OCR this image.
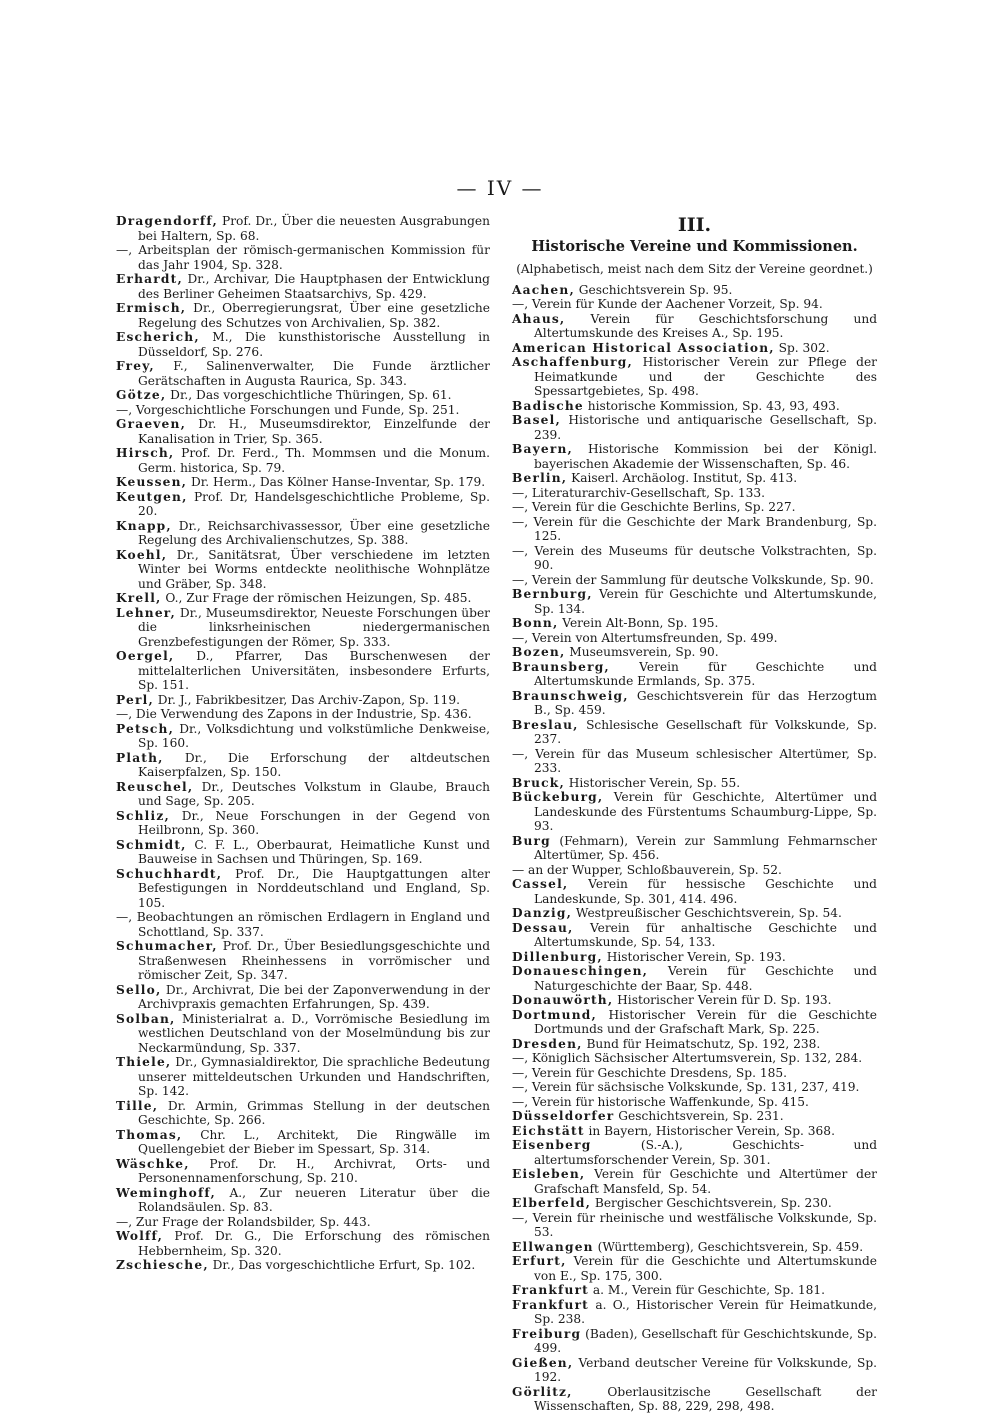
— IV —

Dragendorff, Prof. Dr., Über die neuesten Ausgrabungen bei Haltern, Sp. 68.

—, Arbeitsplan der römisch-germanischen Kommission für das Jahr 1904, Sp. 328.

Erhardt, Dr., Archivar, Die Hauptphasen der Entwicklung des Berliner Geheimen Staatsarchivs, Sp. 429.

Ermisch, Dr., Oberregierungsrat, Über eine gesetzliche Regelung des Schutzes von Archivalien, Sp. 382.

Escherich, M., Die kunsthistorische Ausstellung in Düsseldorf, Sp. 276.

Frey, F., Salinenverwalter, Die Funde ärztlicher Gerätschaften in Augusta Raurica, Sp. 343.

Götze, Dr., Das vorgeschichtliche Thüringen, Sp. 61.

—, Vorgeschichtliche Forschungen und Funde, Sp. 251.

Graeven, Dr. H., Museumsdirektor, Einzelfunde der Kanalisation in Trier, Sp. 365.

Hirsch, Prof. Dr. Ferd., Th. Mommsen und die Monum. Germ. historica, Sp. 79.

Keussen, Dr. Herm., Das Kölner Hanse-Inventar, Sp. 179.

Keutgen, Prof. Dr, Handelsgeschichtliche Probleme, Sp. 20.

Knapp, Dr., Reichsarchivassessor, Über eine gesetzliche Regelung des Archivalienschutzes, Sp. 388.

Koehl, Dr., Sanitätsrat, Über verschiedene im letzten Winter bei Worms entdeckte neolithische Wohnplätze und Gräber, Sp. 348.

Krell, O., Zur Frage der römischen Heizungen, Sp. 485.

Lehner, Dr., Museumsdirektor, Neueste Forschungen über die linksrheinischen niedergermanischen Grenzbefestigungen der Römer, Sp. 333.

Oergel, D., Pfarrer, Das Burschenwesen der mittelalterlichen Universitäten, insbesondere Erfurts, Sp. 151.

Perl, Dr. J., Fabrikbesitzer, Das Archiv-Zapon, Sp. 119.

—, Die Verwendung des Zapons in der Industrie, Sp. 436.

Petsch, Dr., Volksdichtung und volkstümliche Denkweise, Sp. 160.

Plath, Dr., Die Erforschung der altdeutschen Kaiserpfalzen, Sp. 150.

Reuschel, Dr., Deutsches Volkstum in Glaube, Brauch und Sage, Sp. 205.

Schliz, Dr., Neue Forschungen in der Gegend von Heilbronn, Sp. 360.

Schmidt, C. F. L., Oberbaurat, Heimatliche Kunst und Bauweise in Sachsen und Thüringen, Sp. 169.

Schuchhardt, Prof. Dr., Die Hauptgattungen alter Befestigungen in Norddeutschland und England, Sp. 105.

—, Beobachtungen an römischen Erdlagern in England und Schottland, Sp. 337.

Schumacher, Prof. Dr., Über Besiedlungsgeschichte und Straßenwesen Rheinhessens in vorrömischer und römischer Zeit, Sp. 347.

Sello, Dr., Archivrat, Die bei der Zaponverwendung in der Archivpraxis gemachten Erfahrungen, Sp. 439.

Solban, Ministerialrat a. D., Vorrömische Besiedlung im westlichen Deutschland von der Moselmündung bis zur Neckarmündung, Sp. 337.

Thiele, Dr., Gymnasialdirektor, Die sprachliche Bedeutung unserer mitteldeutschen Urkunden und Handschriften, Sp. 142.

Tille, Dr. Armin, Grimmas Stellung in der deutschen Geschichte, Sp. 266.

Thomas, Chr. L., Architekt, Die Ringwälle im Quellengebiet der Bieber im Spessart, Sp. 314.

Wäschke, Prof. Dr. H., Archivrat, Orts- und Personennamenforschung, Sp. 210.

Weminghoff, A., Zur neueren Literatur über die Rolandsäulen. Sp. 83.

—, Zur Frage der Rolandsbilder, Sp. 443.

Wolff, Prof. Dr. G., Die Erforschung des römischen Hebbernheim, Sp. 320.

Zschiesche, Dr., Das vorgeschichtliche Erfurt, Sp. 102.

III.

Historische Vereine und Kommissionen.

(Alphabetisch, meist nach dem Sitz der Vereine geordnet.)

Aachen, Geschichtsverein Sp. 95.

—, Verein für Kunde der Aachener Vorzeit, Sp. 94.

Ahaus, Verein für Geschichtsforschung und Altertumskunde des Kreises A., Sp. 195.

American Historical Association, Sp. 302.

Aschaffenburg, Historischer Verein zur Pflege der Heimatkunde und der Geschichte des Spessartgebietes, Sp. 498.

Badische historische Kommission, Sp. 43, 93, 493.

Basel, Historische und antiquarische Gesellschaft, Sp. 239.

Bayern, Historische Kommission bei der Königl. bayerischen Akademie der Wissenschaften, Sp. 46.

Berlin, Kaiserl. Archäolog. Institut, Sp. 413.

—, Literaturarchiv-Gesellschaft, Sp. 133.

—, Verein für die Geschichte Berlins, Sp. 227.

—, Verein für die Geschichte der Mark Brandenburg, Sp. 125.

—, Verein des Museums für deutsche Volkstrachten, Sp. 90.

—, Verein der Sammlung für deutsche Volkskunde, Sp. 90.

Bernburg, Verein für Geschichte und Altertumskunde, Sp. 134.

Bonn, Verein Alt-Bonn, Sp. 195.

—, Verein von Altertumsfreunden, Sp. 499.

Bozen, Museumsverein, Sp. 90.

Braunsberg, Verein für Geschichte und Altertumskunde Ermlands, Sp. 375.

Braunschweig, Geschichtsverein für das Herzogtum B., Sp. 459.

Breslau, Schlesische Gesellschaft für Volkskunde, Sp. 237.

—, Verein für das Museum schlesischer Altertümer, Sp. 233.

Bruck, Historischer Verein, Sp. 55.

Bückeburg, Verein für Geschichte, Altertümer und Landeskunde des Fürstentums Schaumburg-Lippe, Sp. 93.

Burg (Fehmarn), Verein zur Sammlung Fehmarnscher Altertümer, Sp. 456.

— an der Wupper, Schloßbauverein, Sp. 52.

Cassel, Verein für hessische Geschichte und Landeskunde, Sp. 301, 414. 496.

Danzig, Westpreußischer Geschichtsverein, Sp. 54.

Dessau, Verein für anhaltische Geschichte und Altertumskunde, Sp. 54, 133.

Dillenburg, Historischer Verein, Sp. 193.

Donaueschingen, Verein für Geschichte und Naturgeschichte der Baar, Sp. 448.

Donauwörth, Historischer Verein für D. Sp. 193.

Dortmund, Historischer Verein für die Geschichte Dortmunds und der Grafschaft Mark, Sp. 225.

Dresden, Bund für Heimatschutz, Sp. 192, 238.

—, Königlich Sächsischer Altertumsverein, Sp. 132, 284.

—, Verein für Geschichte Dresdens, Sp. 185.

—, Verein für sächsische Volkskunde, Sp. 131, 237, 419.

—, Verein für historische Waffenkunde, Sp. 415.

Düsseldorfer Geschichtsverein, Sp. 231.

Eichstätt in Bayern, Historischer Verein, Sp. 368.

Eisenberg (S.-A.), Geschichts- und altertumsforschender Verein, Sp. 301.

Eisleben, Verein für Geschichte und Altertümer der Grafschaft Mansfeld, Sp. 54.

Elberfeld, Bergischer Geschichtsverein, Sp. 230.

—, Verein für rheinische und westfälische Volkskunde, Sp. 53.

Ellwangen (Württemberg), Geschichtsverein, Sp. 459.

Erfurt, Verein für die Geschichte und Altertumskunde von E., Sp. 175, 300.

Frankfurt a. M., Verein für Geschichte, Sp. 181.

Frankfurt a. O., Historischer Verein für Heimatkunde, Sp. 238.

Freiburg (Baden), Gesellschaft für Geschichtskunde, Sp. 499.

Gießen, Verband deutscher Vereine für Volkskunde, Sp. 192.

Görlitz, Oberlausitzische Gesellschaft der Wissenschaften, Sp. 88, 229, 298, 498.
